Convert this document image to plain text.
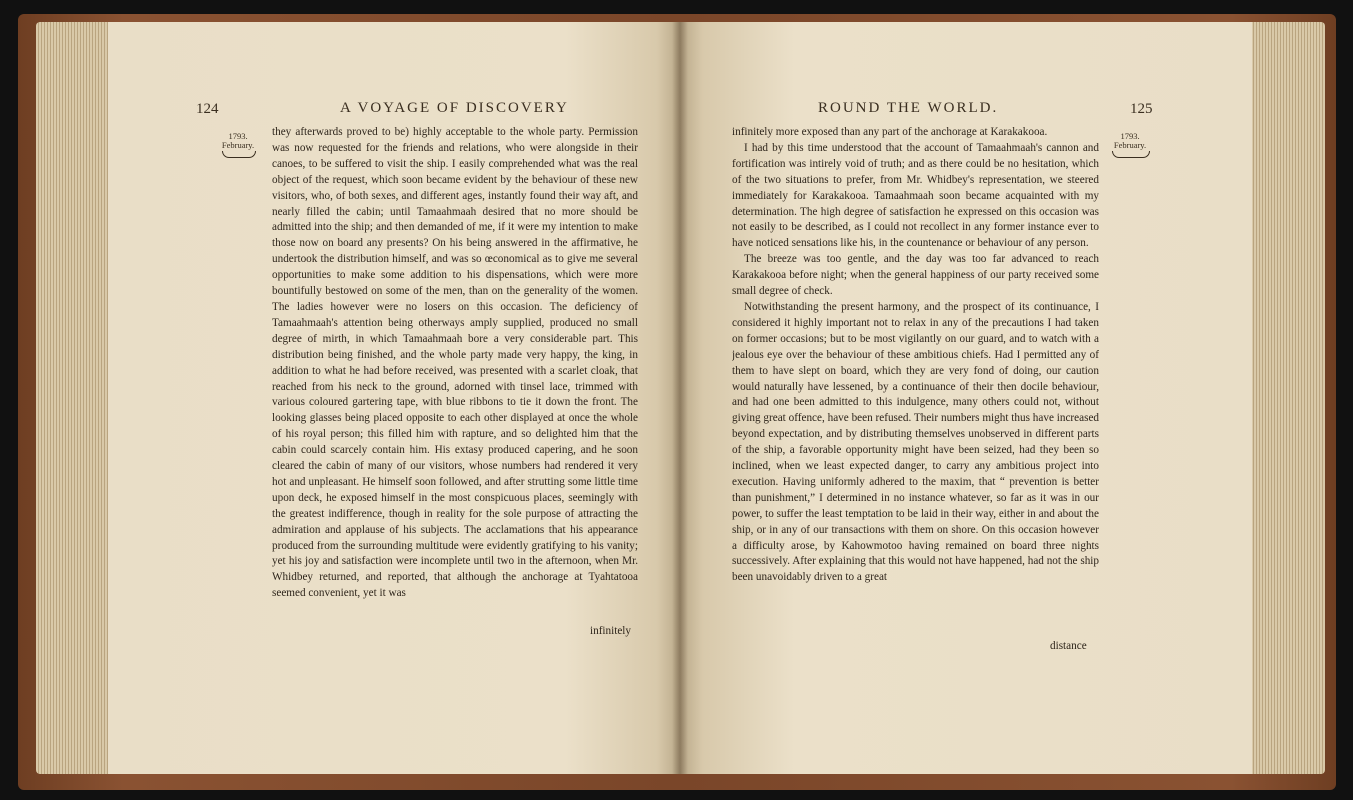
124	A VOYAGE OF DISCOVERY
1793.
February.

they afterwards proved to be) highly acceptable to the whole party. Permission was now requested for the friends and relations, who were alongside in their canoes, to be suffered to visit the ship. I easily comprehended what was the real object of the request, which soon became evident by the behaviour of these new visitors, who, of both sexes, and different ages, instantly found their way aft, and nearly filled the cabin; until Tamaahmaah desired that no more should be admitted into the ship; and then demanded of me, if it were my intention to make those now on board any presents? On his being answered in the affirmative, he undertook the distribution himself, and was so œconomical as to give me several opportunities to make some addition to his dispensations, which were more bountifully bestowed on some of the men, than on the generality of the women. The ladies however were no losers on this occasion. The deficiency of Tamaahmaah's attention being otherways amply supplied, produced no small degree of mirth, in which Tamaahmaah bore a very considerable part. This distribution being finished, and the whole party made very happy, the king, in addition to what he had before received, was presented with a scarlet cloak, that reached from his neck to the ground, adorned with tinsel lace, trimmed with various coloured gartering tape, with blue ribbons to tie it down the front. The looking glasses being placed opposite to each other displayed at once the whole of his royal person; this filled him with rapture, and so delighted him that the cabin could scarcely contain him. His extasy produced capering, and he soon cleared the cabin of many of our visitors, whose numbers had rendered it very hot and unpleasant. He himself soon followed, and after strutting some little time upon deck, he exposed himself in the most conspicuous places, seemingly with the greatest indifference, though in reality for the sole purpose of attracting the admiration and applause of his subjects. The acclamations that his appearance produced from the surrounding multitude were evidently gratifying to his vanity; yet his joy and satisfaction were incomplete until two in the afternoon, when Mr. Whidbey returned, and reported, that although the anchorage at Tyahtatooa seemed convenient, yet it was

infinitely
ROUND THE WORLD.	125
1793.
February.

infinitely more exposed than any part of the anchorage at Karakakooa.

I had by this time understood that the account of Tamaahmaah's cannon and fortification was intirely void of truth; and as there could be no hesitation, which of the two situations to prefer, from Mr. Whidbey's representation, we steered immediately for Karakakooa. Tamaahmaah soon became acquainted with my determination. The high degree of satisfaction he expressed on this occasion was not easily to be described, as I could not recollect in any former instance ever to have noticed sensations like his, in the countenance or behaviour of any person.

The breeze was too gentle, and the day was too far advanced to reach Karakakooa before night; when the general happiness of our party received some small degree of check.

Notwithstanding the present harmony, and the prospect of its continuance, I considered it highly important not to relax in any of the precautions I had taken on former occasions; but to be most vigilantly on our guard, and to watch with a jealous eye over the behaviour of these ambitious chiefs. Had I permitted any of them to have slept on board, which they are very fond of doing, our caution would naturally have lessened, by a continuance of their then docile behaviour, and had one been admitted to this indulgence, many others could not, without giving great offence, have been refused. Their numbers might thus have increased beyond expectation, and by distributing themselves unobserved in different parts of the ship, a favorable opportunity might have been seized, had they been so inclined, when we least expected danger, to carry any ambitious project into execution. Having uniformly adhered to the maxim, that “ prevention is better than punishment,” I determined in no instance whatever, so far as it was in our power, to suffer the least temptation to be laid in their way, either in and about the ship, or in any of our transactions with them on shore. On this occasion however a difficulty arose, by Kahowmotoo having remained on board three nights successively. After explaining that this would not have happened, had not the ship been unavoidably driven to a great

distance
